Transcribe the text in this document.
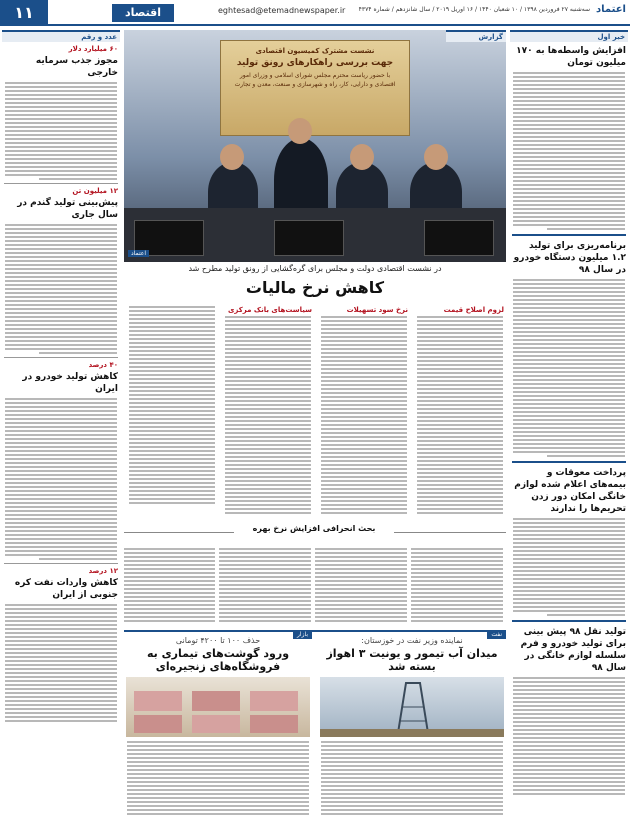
۱۱	اقتصاد	eghtesad@etemadnewspaper.ir	سه‌شنبه ۲۷ فروردین ۱۳۹۸ / ۱۰ شعبان ۱۴۴۰ / ۱۶ آوریل ۲۰۱۹ / سال شانزدهم / شماره ۴۳۷۴ اعتماد
خبر اول
افزایش واسطه‌ها به ۱۷۰ میلیون تومان
برنامه‌ریزی برای تولید ۱.۲ میلیون دستگاه خودرو در سال ۹۸
پرداخت معوقات و بیمه‌های اعلام شده لوازم خانگی امکان دور زدن تحریم‌ها را ندارند
تولید نقل ۹۸ پیش بینی برای تولید خودرو و فرم سلسله لوازم خانگی در سال ۹۸
عدد و رقم
۶۰ میلیارد دلار
مجوز جذب سرمایه خارجی
۱۲ میلیون تن
پیش‌بینی تولید گندم در سال جاری
۴۰ درصد
کاهش تولید خودرو در ایران
۱۲ درصد
کاهش واردات نفت کره جنوبی از ایران
گزارش
نشست مشترک کمیسیون اقتصادی
جهت بررسی راهکارهای رونق تولید
با حضور ریاست محترم مجلس شورای اسلامی و وزرای امور اقتصادی و دارایی، کار، راه و شهرسازی و صنعت، معدن و تجارت
اعتماد
در نشست اقتصادی دولت و مجلس برای گره‌گشایی از رونق تولید مطرح شد
کاهش نرخ مالیات
لزوم اصلاح قیمت
نرخ سود تسهیلات
سیاست‌های بانک مرکزی
بحث انحرافی افزایش نرخ بهره
نفت
نماینده وزیر نفت در خوزستان:
میدان آب تیمور و یونیت ۳ اهواز بسته شد
بازار
حذف ۱۰۰ تا ۴۲۰۰ تومانی
ورود گوشت‌های تیماری به فروشگاه‌های زنجیره‌ای
